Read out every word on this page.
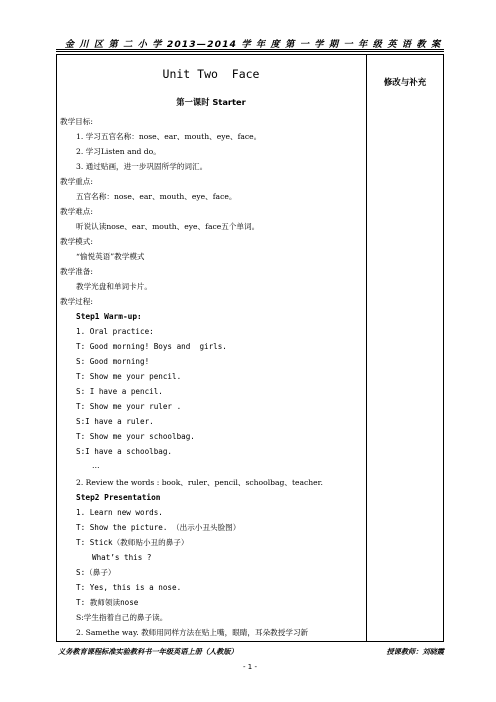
金 川 区 第 二 小 学 2013—2014 学 年 度 第 一 学 期 一 年 级 英 语 教 案
修改与补充
Unit Two  Face
第一课时 Starter
教学目标:
1. 学习五官名称：nose、ear、mouth、eye、face。
2. 学习Listen and do。
3. 通过贴画，进一步巩固所学的词汇。
教学重点:
五官名称：nose、ear、mouth、eye、face。
教学难点:
听说认读nose、ear、mouth、eye、face五个单词。
教学模式:
“愉悦英语”教学模式
教学准备:
教学光盘和单词卡片。
教学过程:
Step1 Warm-up:
1. Oral practice:
T: Good morning! Boys and  girls.
S: Good morning!
T: Show me your pencil.
S: I have a pencil.
T: Show me your ruler .
S:I have a ruler.
T: Show me your schoolbag.
S:I have a schoolbag.
…
2. Review the words : book、ruler、pencil、schoolbag、teacher.
Step2 Presentation
1. Learn new words.
T: Show the picture. （出示小丑头脸图）
T: Stick（教师贴小丑的鼻子）
What’s this ?
S:（鼻子）
T: Yes, this is a nose.
T: 教师领读nose
S:学生指着自己的鼻子读。
2. Samethe way. 教师用同样方法在贴上嘴，眼睛，耳朵教授学习新
义务教育课程标准实验教科书一年级英语上册（人教版）	授课教师：刘晓霞
- 1 -
